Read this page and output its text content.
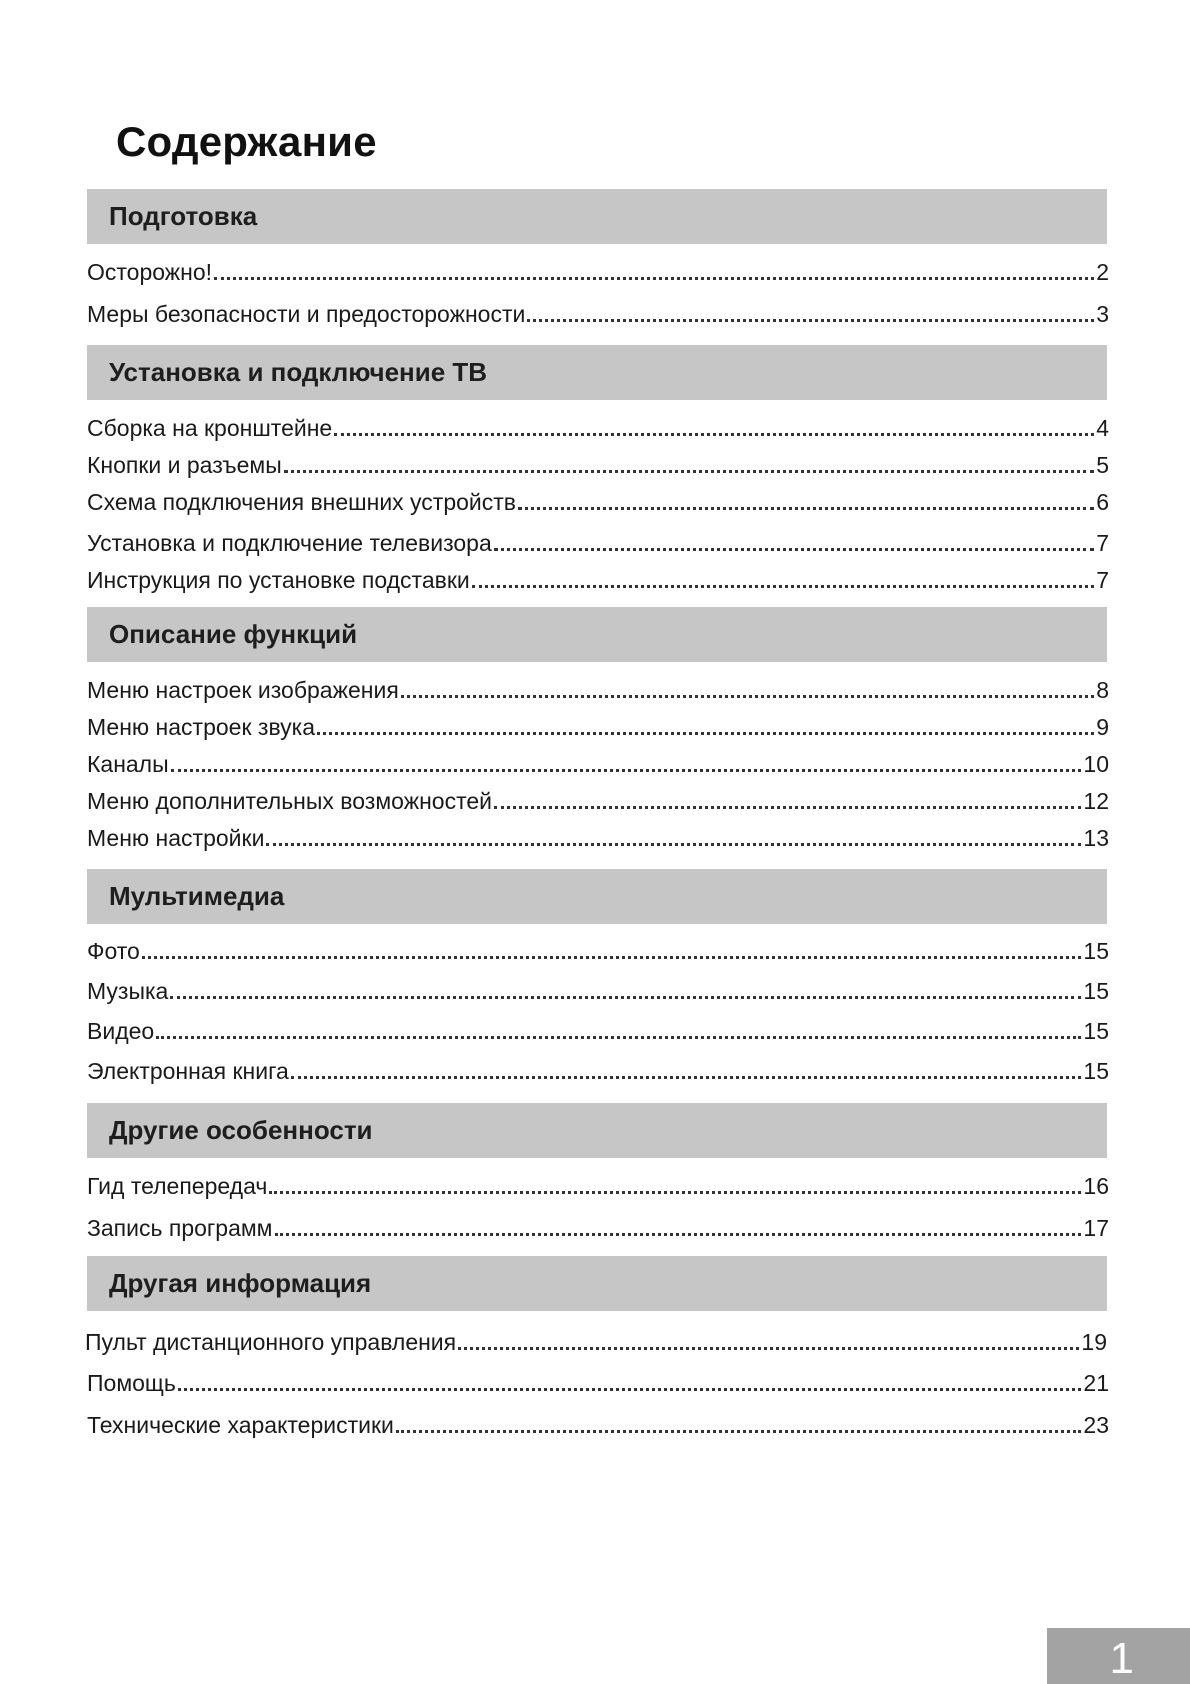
Содержание
Подготовка
Осторожно!	2
Меры безопасности и предосторожности	3
Установка и подключение ТВ
Сборка на кронштейне	4
Кнопки и разъемы	5
Схема подключения внешних устройств	6
Установка и подключение телевизора	7
Инструкция по установке подставки	7
Описание функций
Меню настроек изображения	8
Меню настроек звука	9
Каналы	10
Меню дополнительных возможностей	12
Меню настройки	13
Мультимедиа
Фото	15
Музыка	15
Видео	15
Электронная книга	15
Другие особенности
Гид телепередач	16
Запись программ	17
Другая информация
Пульт дистанционного управления	19
Помощь	21
Технические характеристики	23
1
